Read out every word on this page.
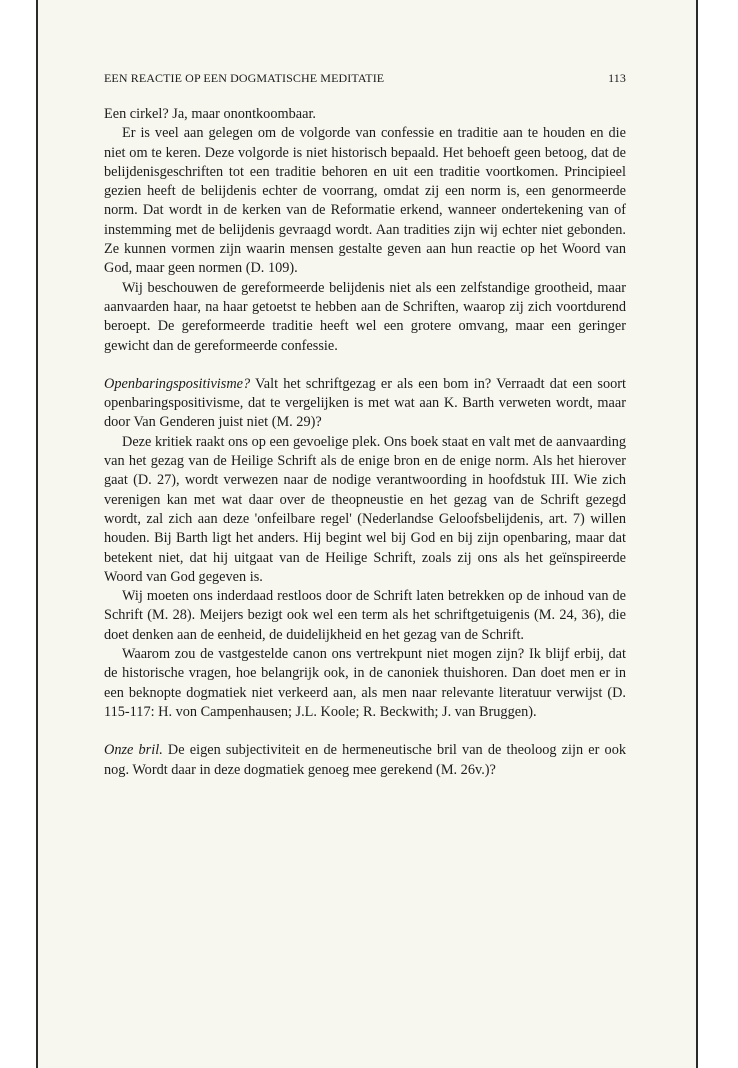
EEN REACTIE OP EEN DOGMATISCHE MEDITATIE	113

Een cirkel? Ja, maar onontkoombaar.

Er is veel aan gelegen om de volgorde van confessie en traditie aan te houden en die niet om te keren. Deze volgorde is niet historisch bepaald. Het behoeft geen betoog, dat de belijdenisgeschriften tot een traditie behoren en uit een traditie voortkomen. Principieel gezien heeft de belijdenis echter de voorrang, omdat zij een norm is, een genormeerde norm. Dat wordt in de kerken van de Reformatie erkend, wanneer ondertekening van of instemming met de belijdenis gevraagd wordt. Aan tradities zijn wij echter niet gebonden. Ze kunnen vormen zijn waarin mensen gestalte geven aan hun reactie op het Woord van God, maar geen normen (D. 109).

Wij beschouwen de gereformeerde belijdenis niet als een zelfstandige grootheid, maar aanvaarden haar, na haar getoetst te hebben aan de Schriften, waarop zij zich voortdurend beroept. De gereformeerde traditie heeft wel een grotere omvang, maar een geringer gewicht dan de gereformeerde confessie.

Openbaringspositivisme? Valt het schriftgezag er als een bom in? Verraadt dat een soort openbaringspositivisme, dat te vergelijken is met wat aan K. Barth verweten wordt, maar door Van Genderen juist niet (M. 29)?

Deze kritiek raakt ons op een gevoelige plek. Ons boek staat en valt met de aanvaarding van het gezag van de Heilige Schrift als de enige bron en de enige norm. Als het hierover gaat (D. 27), wordt verwezen naar de nodige verantwoording in hoofdstuk III. Wie zich verenigen kan met wat daar over de theopneustie en het gezag van de Schrift gezegd wordt, zal zich aan deze 'onfeilbare regel' (Nederlandse Geloofsbelijdenis, art. 7) willen houden. Bij Barth ligt het anders. Hij begint wel bij God en bij zijn openbaring, maar dat betekent niet, dat hij uitgaat van de Heilige Schrift, zoals zij ons als het geïnspireerde Woord van God gegeven is.

Wij moeten ons inderdaad restloos door de Schrift laten betrekken op de inhoud van de Schrift (M. 28). Meijers bezigt ook wel een term als het schriftgetuigenis (M. 24, 36), die doet denken aan de eenheid, de duidelijkheid en het gezag van de Schrift.

Waarom zou de vastgestelde canon ons vertrekpunt niet mogen zijn? Ik blijf erbij, dat de historische vragen, hoe belangrijk ook, in de canoniek thuishoren. Dan doet men er in een beknopte dogmatiek niet verkeerd aan, als men naar relevante literatuur verwijst (D. 115-117: H. von Campenhausen; J.L. Koole; R. Beckwith; J. van Bruggen).

Onze bril. De eigen subjectiviteit en de hermeneutische bril van de theoloog zijn er ook nog. Wordt daar in deze dogmatiek genoeg mee gerekend (M. 26v.)?
